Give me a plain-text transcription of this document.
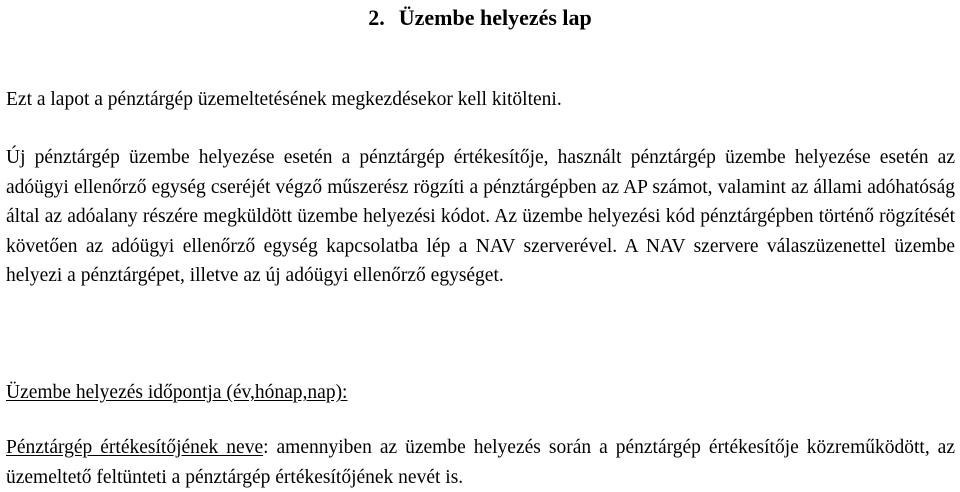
2. Üzembe helyezés lap

Ezt a lapot a pénztárgép üzemeltetésének megkezdésekor kell kitölteni.

Új pénztárgép üzembe helyezése esetén a pénztárgép értékesítője, használt pénztárgép üzembe helyezése esetén az adóügyi ellenőrző egység cseréjét végző műszerész rögzíti a pénztárgépben az AP számot, valamint az állami adóhatóság által az adóalany részére megküldött üzembe helyezési kódot. Az üzembe helyezési kód pénztárgépben történő rögzítését követően az adóügyi ellenőrző egység kapcsolatba lép a NAV szerverével. A NAV szervere válaszüzenettel üzembe helyezi a pénztárgépet, illetve az új adóügyi ellenőrző egységet.

Üzembe helyezés időpontja (év,hónap,nap):

Pénztárgép értékesítőjének neve: amennyiben az üzembe helyezés során a pénztárgép értékesítője közreműködött, az üzemeltető feltünteti a pénztárgép értékesítőjének nevét is.
